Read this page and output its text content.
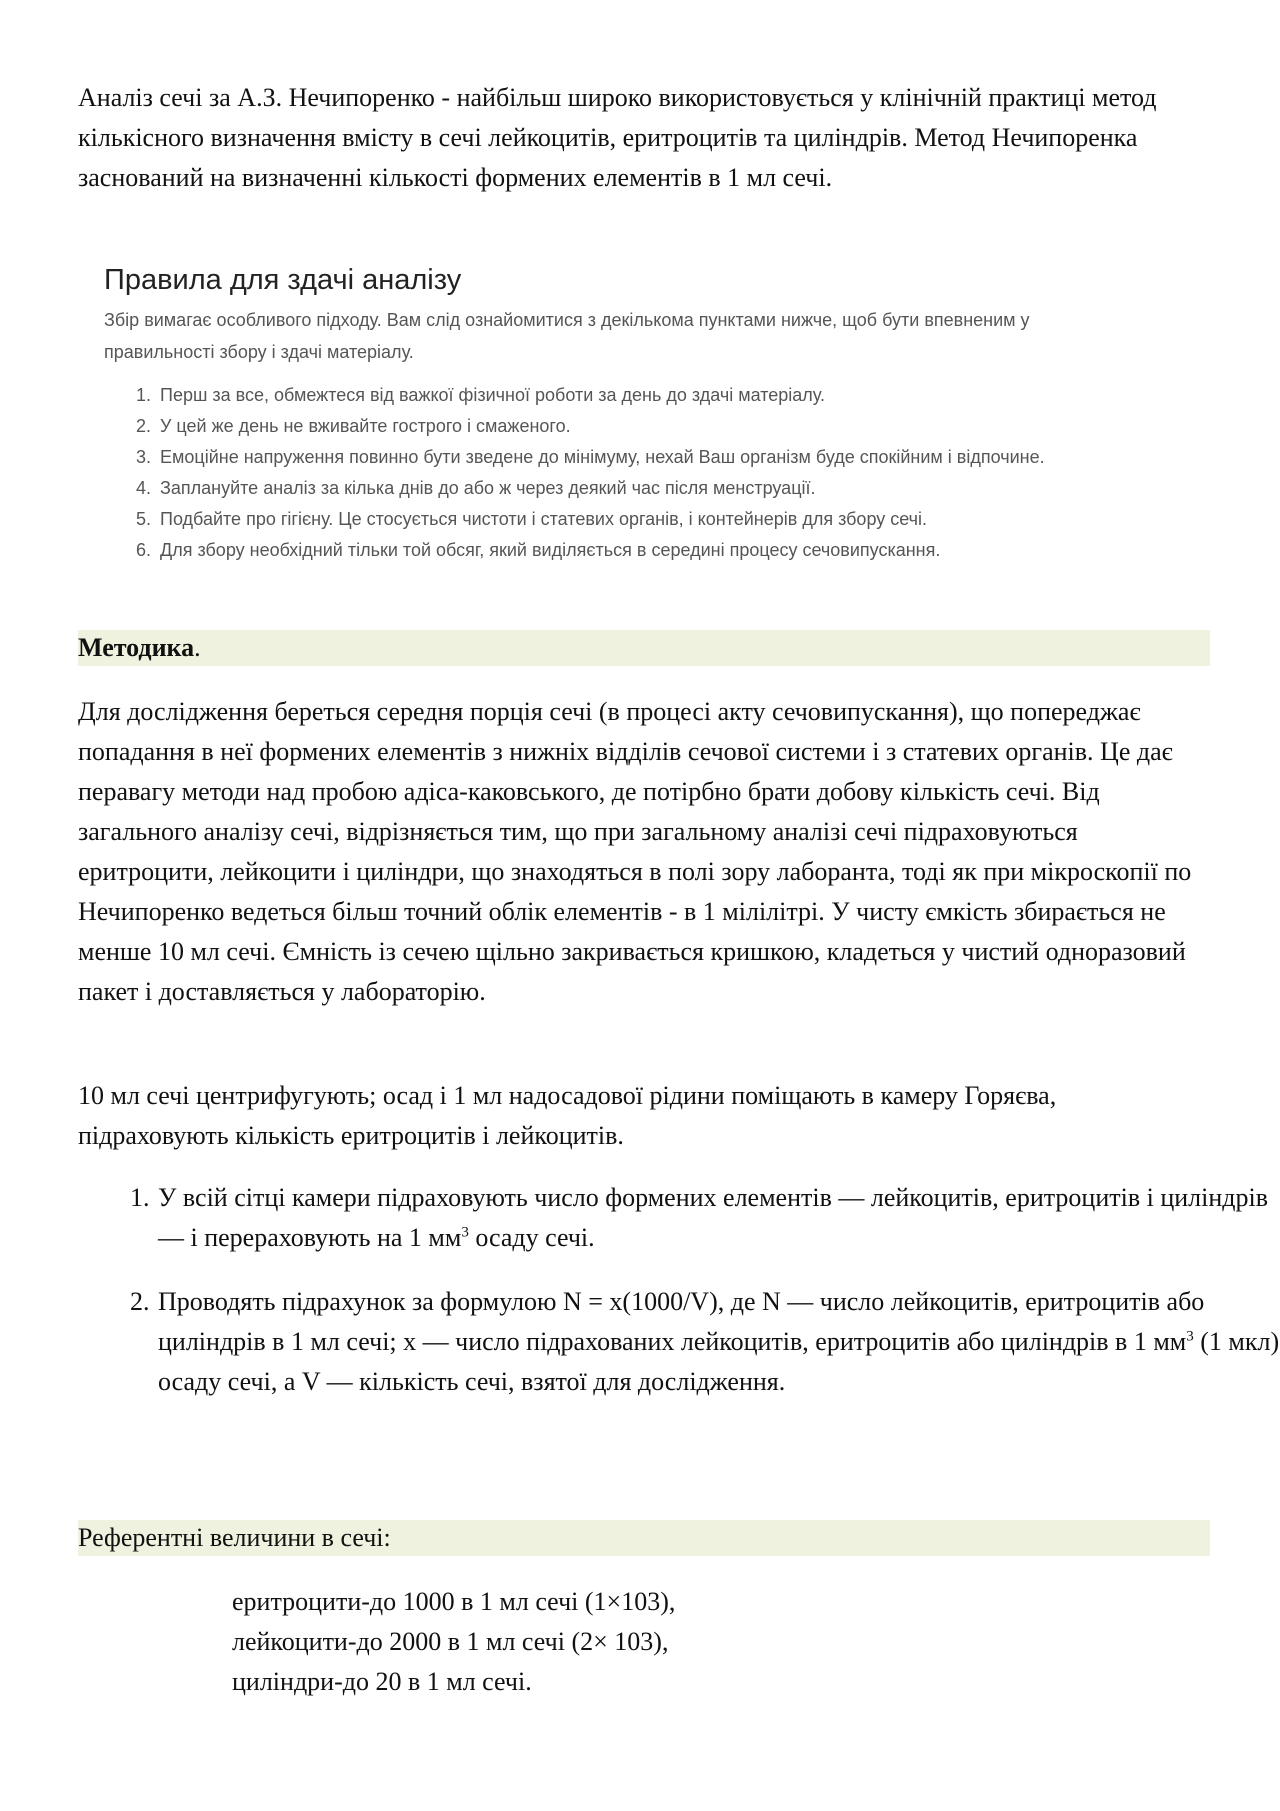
Аналіз сечі за А.З. Нечипоренко - найбільш широко використовується у клінічній практиці метод кількісного визначення вмісту в сечі лейкоцитів, еритроцитів та циліндрів. Метод Нечипоренка заснований на визначенні кількості формених елементів в 1 мл сечі.

Правила для здачі аналізу
Збір вимагає особливого підходу. Вам слід ознайомитися з декількома пунктами нижче, щоб бути впевненим у правильності збору і здачі матеріалу.
1. Перш за все, обмежтеся від важкої фізичної роботи за день до здачі матеріалу.
2. У цей же день не вживайте гострого і смаженого.
3. Емоційне напруження повинно бути зведене до мінімуму, нехай Ваш організм буде спокійним і відпочине.
4. Заплануйте аналіз за кілька днів до або ж через деякий час після менструації.
5. Подбайте про гігієну. Це стосується чистоти і статевих органів, і контейнерів для збору сечі.
6. Для збору необхідний тільки той обсяг, який виділяється в середині процесу сечовипускання.
Методика.

Для дослідження береться середня порція сечі (в процесі акту сечовипускання), що попереджає попадання в неї формених елементів з нижніх відділів сечової системи і з статевих органів. Це дає перавагу методи над пробою адіса-каковського, де потірбно брати добову кількість сечі. Від загального аналізу сечі, відрізняється тим, що при загальному аналізі сечі підраховуються еритроцити, лейкоцити і циліндри, що знаходяться в полі зору лаборанта, тоді як при мікроскопії по Нечипоренко ведеться більш точний облік елементів - в 1 мілілітрі. У чисту ємкість збирається не менше 10 мл сечі. Ємність із сечею щільно закривається кришкою, кладеться у чистий одноразовий пакет і доставляється у лабораторію.

10 мл сечі центрифугують; осад і 1 мл надосадової рідини поміщають в камеру Горяєва, підраховують кількість еритроцитів і лейкоцитів.

1. У всій сітці камери підраховують число формених елементів — лейкоцитів, еритроцитів і циліндрів — і перераховують на 1 $мм^3$ осаду сечі.
2. Проводять підрахунок за формулою N = x(1000/V), де N — число лейкоцитів, еритроцитів або циліндрів в 1 мл сечі; x — число підрахованих лейкоцитів, еритроцитів або циліндрів в 1 $мм^3$ (1 мкл) осаду сечі, а V — кількість сечі, взятої для дослідження.
Референтні величини в сечі:
еритроцити-до 1000 в 1 мл сечі (1×103),
лейкоцити-до 2000 в 1 мл сечі (2× 103),
циліндри-до 20 в 1 мл сечі.
